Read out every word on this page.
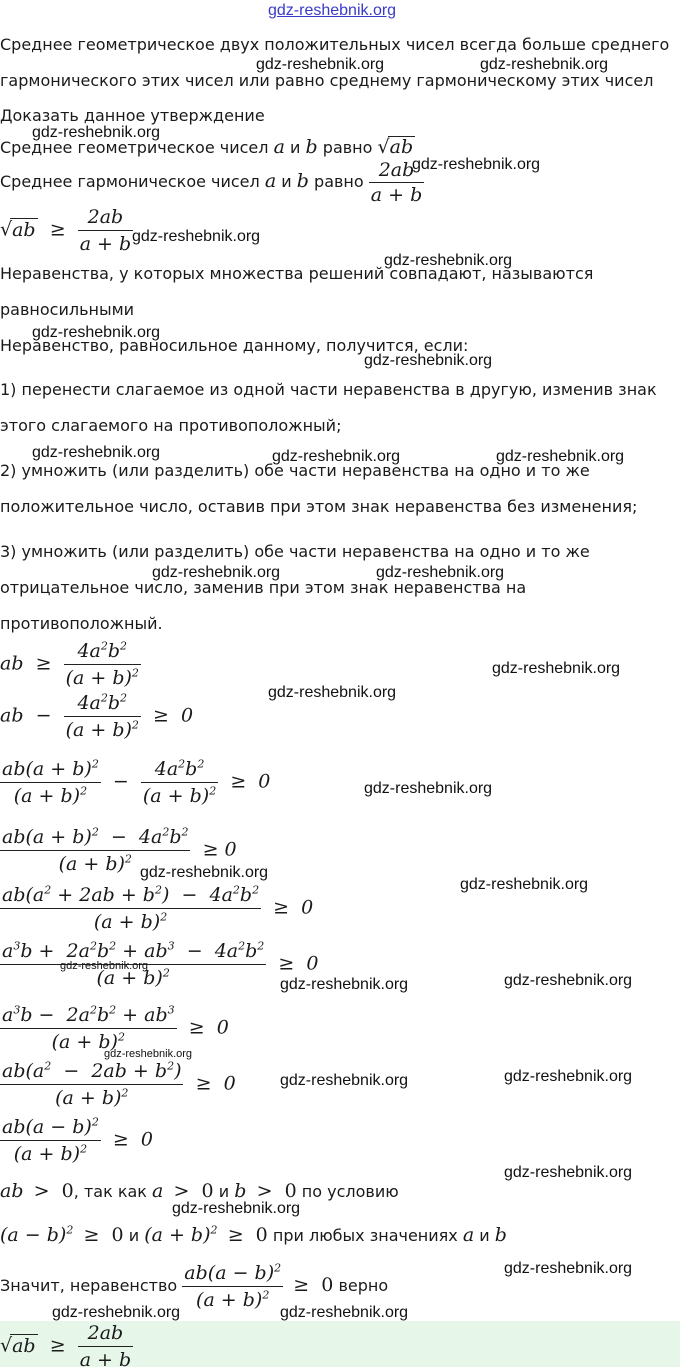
gdz-reshebnik.org
Среднее геометрическое двух положительных чисел всегда больше среднего
гармонического этих чисел или равно среднему гармоническому этих чисел
Доказать данное утверждение
Среднее геометрическое чисел a и b равно √ab
Среднее гармоническое чисел a и b равно $\frac{2ab}{a + b}$
$√ab \ge \frac{2ab}{a + b}$
Неравенства, у которых множества решений совпадают, называются
равносильными
Неравенство, равносильное данному, получится, если:
1) перенести слагаемое из одной части неравенства в другую, изменив знак
этого слагаемого на противоположный;
2) умножить (или разделить) обе части неравенства на одно и то же
положительное число, оставив при этом знак неравенства без изменения;
3) умножить (или разделить) обе части неравенства на одно и то же
отрицательное число, заменив при этом знак неравенства на
противоположный.
ab  ≥ $\frac{4a^2b^2}{(a + b)^2}$
ab  − $\frac{4a^2b^2}{(a + b)^2} \ge 0$
$\frac{ab(a + b)^2}{(a + b)^2} - \frac{4a^2b^2}{(a + b)^2} \ge 0$
$\frac{ab(a + b)^2 - 4a^2b^2}{(a + b)^2} \ge 0$
$\frac{ab(a^2 + 2ab + b^2) - 4a^2b^2}{(a + b)^2} \ge 0$
$\frac{a^3b + 2a^2b^2 + ab^3 - 4a^2b^2}{(a + b)^2} \ge 0$
$\frac{a^3b - 2a^2b^2 + ab^3}{(a + b)^2} \ge 0$
$\frac{ab(a^2 - 2ab + b^2)}{(a + b)^2} \ge 0$
$\frac{ab(a - b)^2}{(a + b)^2} \ge 0$
ab >  0, так как a >  0 и b >  0 по условию
$(a - b)^2 \ge 0$ и $(a + b)^2 \ge 0$ при любых значениях a и b
Значит, неравенство $\frac{ab(a - b)^2}{(a + b)^2} \ge 0$ верно
$√ab \ge \frac{2ab}{a + b}$
gdz-reshebnik.org	gdz-reshebnik.org
gdz-reshebnik.org
gdz-reshebnik.org
gdz-reshebnik.org
gdz-reshebnik.org
gdz-reshebnik.org
gdz-reshebnik.org
gdz-reshebnik.org	gdz-reshebnik.org	gdz-reshebnik.org
gdz-reshebnik.org	gdz-reshebnik.org
gdz-reshebnik.org
gdz-reshebnik.org
gdz-reshebnik.org
gdz-reshebnik.org
gdz-reshebnik.org
gdz-reshebnik.org
gdz-reshebnik.org	gdz-reshebnik.org
gdz-reshebnik.org
gdz-reshebnik.org	gdz-reshebnik.org
gdz-reshebnik.org
gdz-reshebnik.org
gdz-reshebnik.org
gdz-reshebnik.org	gdz-reshebnik.org
